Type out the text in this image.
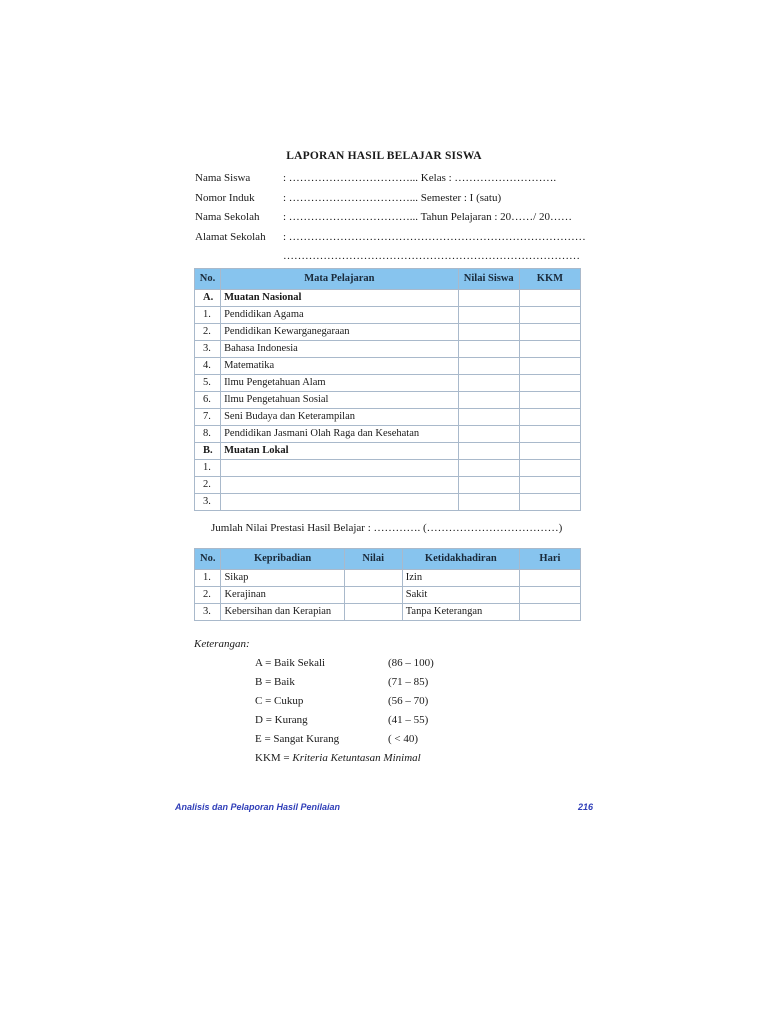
LAPORAN HASIL BELAJAR SISWA
Nama Siswa	: ……………………………... Kelas : ……………………….
Nomor Induk	: ……………………………... Semester : I (satu)
Nama Sekolah : ……………………………... Tahun Pelajaran : 20……/ 20……
Alamat Sekolah : ………………………………………………………………………
………………………………………………………………………
No.	Mata Pelajaran	Nilai Siswa	KKM
A.	Muatan Nasional		
1.	Pendidikan Agama		
2.	Pendidikan Kewarganegaraan		
3.	Bahasa Indonesia		
4.	Matematika		
5.	Ilmu Pengetahuan Alam		
6.	Ilmu Pengetahuan Sosial		
7.	Seni Budaya dan Keterampilan		
8.	Pendidikan Jasmani Olah Raga dan Kesehatan		
B.	Muatan Lokal		
1.			
2.			
3.			
Jumlah Nilai Prestasi Hasil Belajar : …………. (………………………………)
No.	Kepribadian	Nilai	Ketidakhadiran	Hari
1.	Sikap		Izin	
2.	Kerajinan		Sakit	
3.	Kebersihan dan Kerapian		Tanpa Keterangan	
Keterangan:
A = Baik Sekali	(86 – 100)
B = Baik	(71 – 85)
C = Cukup	(56 – 70)
D = Kurang	(41 – 55)
E = Sangat Kurang	( < 40)
KKM = Kriteria Ketuntasan Minimal
Analisis dan Pelaporan Hasil Penilaian	216
